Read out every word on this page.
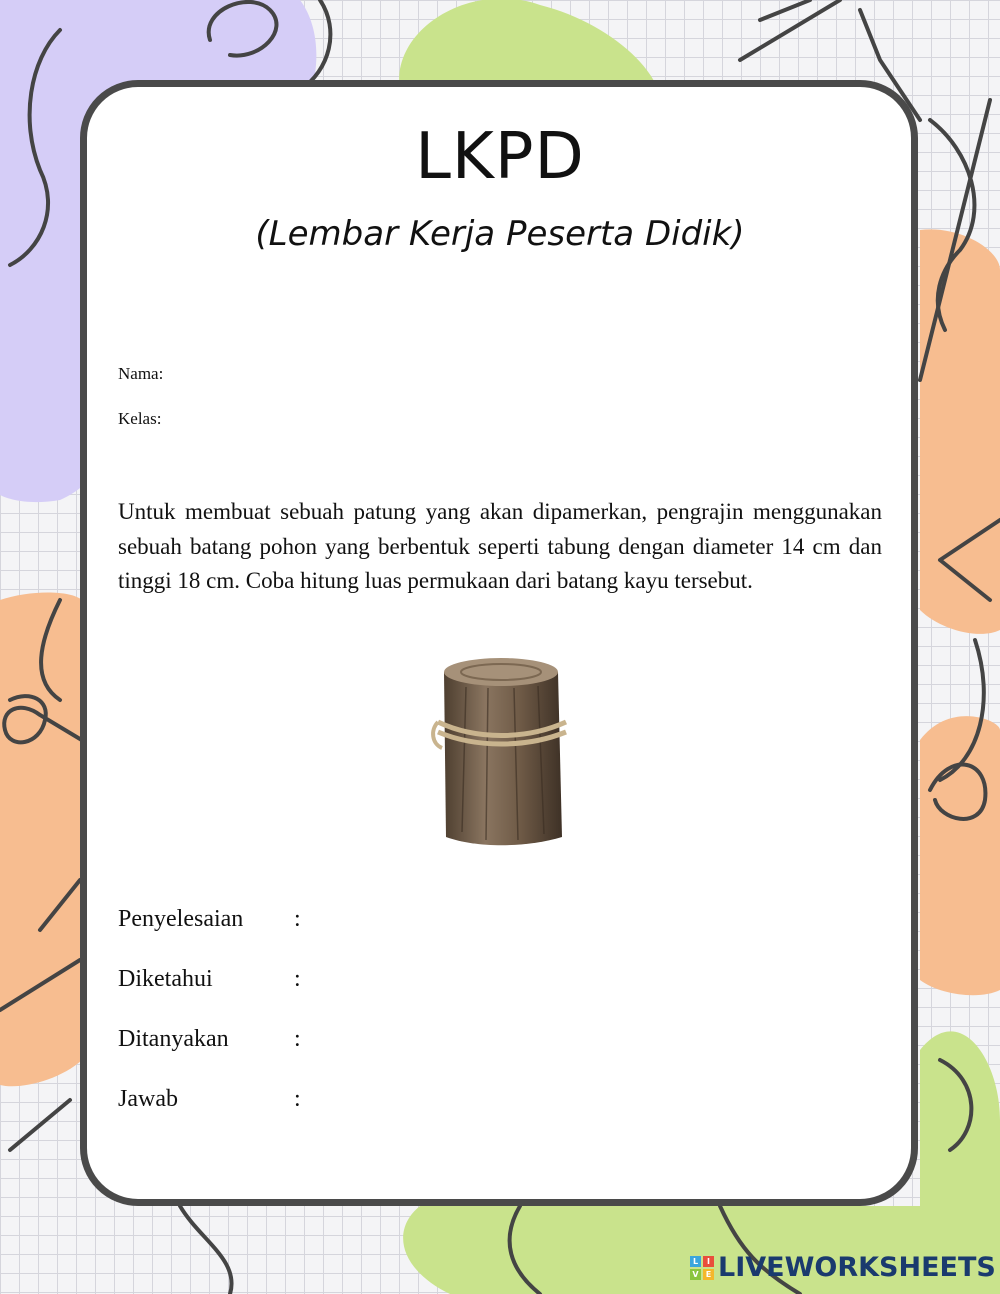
LKPD
(Lembar Kerja Peserta Didik)
Nama:
Kelas:
Untuk membuat sebuah patung yang akan dipamerkan, pengrajin menggunakan sebuah batang pohon yang berbentuk seperti tabung dengan diameter 14 cm dan tinggi 18 cm. Coba hitung luas permukaan dari batang kayu tersebut.
Penyelesaian :
Diketahui	:
Ditanyakan	:
Jawab	:
L	I
V E LIVEWORKSHEETS
